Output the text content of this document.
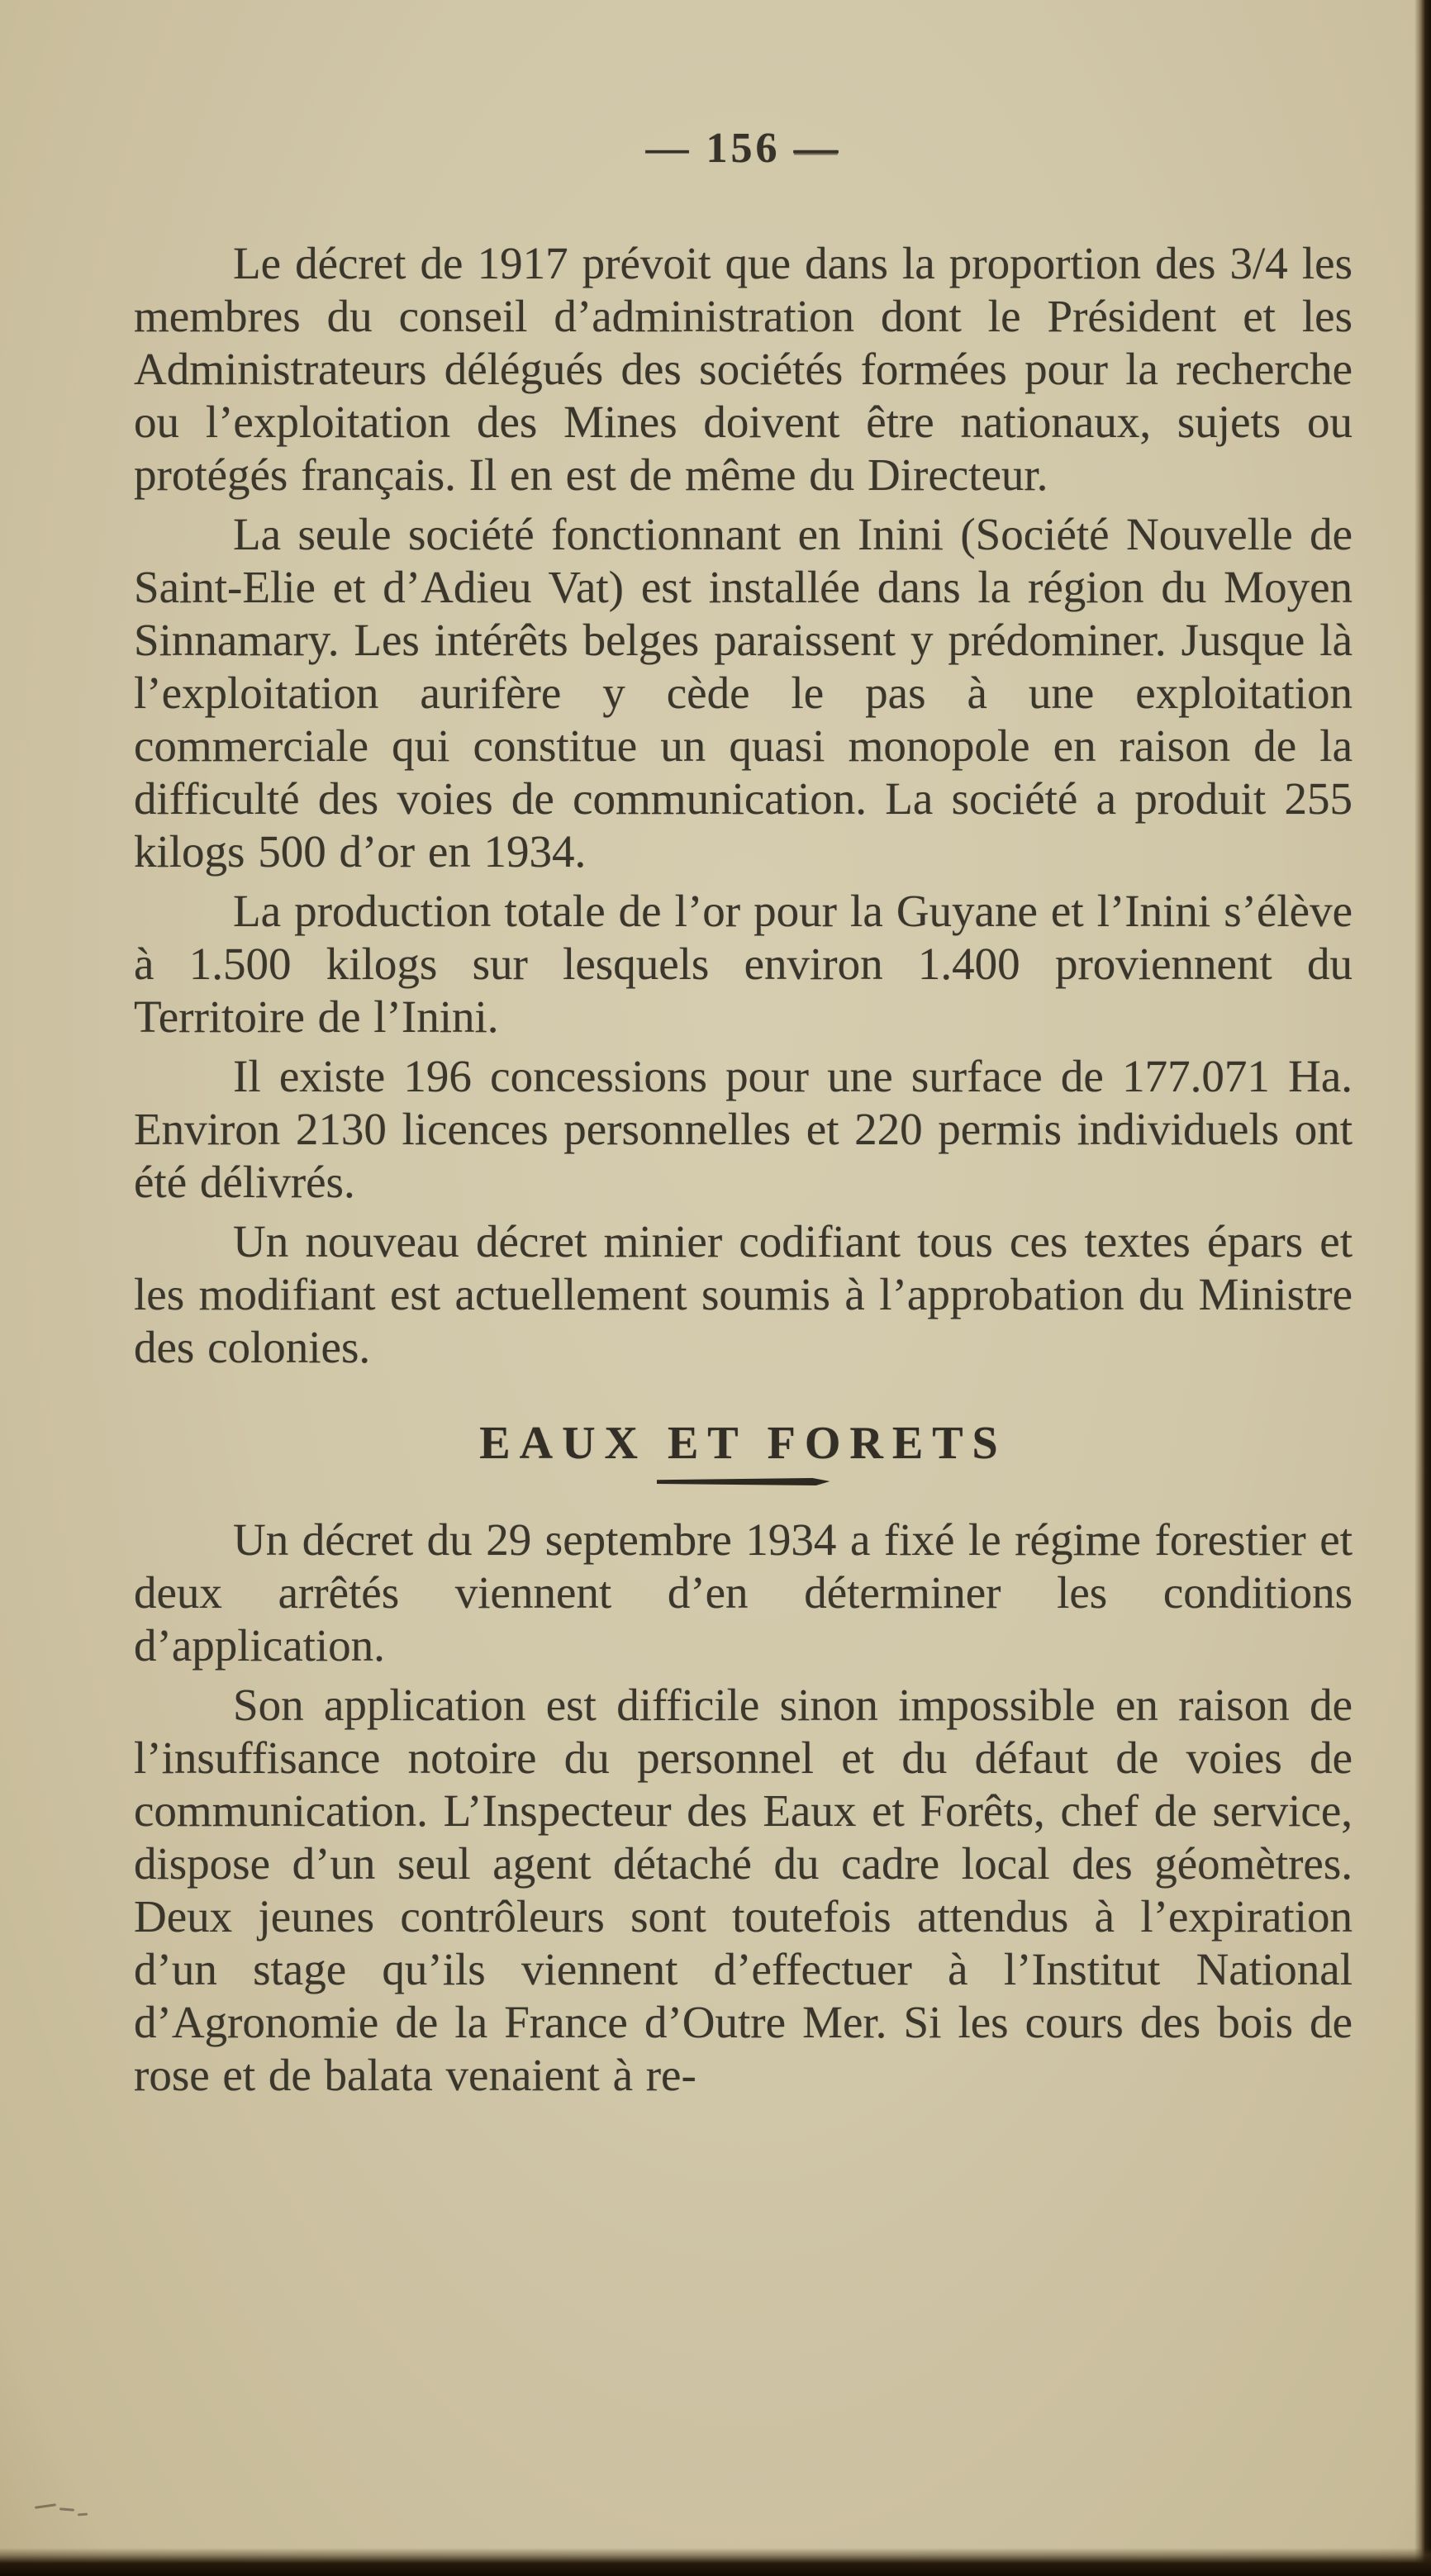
— 156 —

Le décret de 1917 prévoit que dans la proportion des 3/4 les membres du conseil d’administration dont le Président et les Administrateurs délégués des sociétés formées pour la recherche ou l’exploitation des Mines doivent être nationaux, sujets ou protégés français. Il en est de même du Directeur.

La seule société fonctionnant en Inini (Société Nouvelle de Saint-Elie et d’Adieu Vat) est installée dans la région du Moyen Sinnamary. Les intérêts belges paraissent y prédominer. Jusque là l’exploitation aurifère y cède le pas à une exploitation commerciale qui constitue un quasi monopole en raison de la difficulté des voies de communication. La société a produit 255 kilogs 500 d’or en 1934.

La production totale de l’or pour la Guyane et l’Inini s’élève à 1.500 kilogs sur lesquels environ 1.400 proviennent du Territoire de l’Inini.

Il existe 196 concessions pour une surface de 177.071 Ha. Environ 2130 licences personnelles et 220 permis individuels ont été délivrés.

Un nouveau décret minier codifiant tous ces textes épars et les modifiant est actuellement soumis à l’approbation du Ministre des colonies.

EAUX ET FORETS

Un décret du 29 septembre 1934 a fixé le régime forestier et deux arrêtés viennent d’en déterminer les conditions d’application.

Son application est difficile sinon impossible en raison de l’insuffisance notoire du personnel et du défaut de voies de communication. L’Inspecteur des Eaux et Forêts, chef de service, dispose d’un seul agent détaché du cadre local des géomètres. Deux jeunes contrôleurs sont toutefois attendus à l’expiration d’un stage qu’ils viennent d’effectuer à l’Institut National d’Agronomie de la France d’Outre Mer. Si les cours des bois de rose et de balata venaient à re-
